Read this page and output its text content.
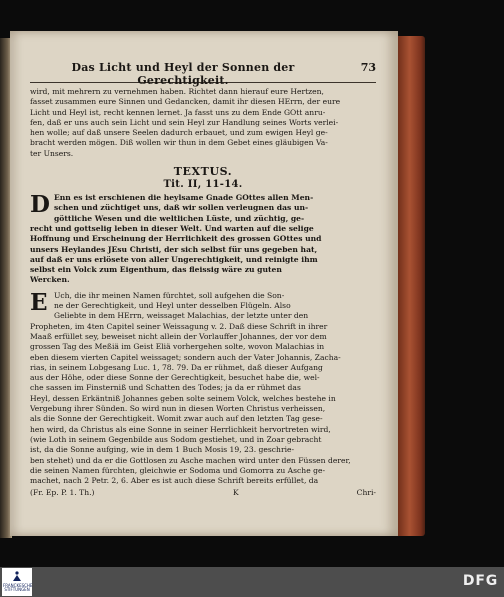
Das Licht und Heyl der Sonnen der Gerechtigkeit.
73
wird, mit mehrern zu vernehmen haben. Richtet dann hierauf eure Hertzen,
fasset zusammen eure Sinnen und Gedancken, damit ihr diesen HErrn, der eure
Licht und Heyl ist, recht kennen lernet. Ja fasst uns zu dem Ende GOtt anru-
fen, daß er uns auch sein Licht und sein Heyl zur Handlung seines Worts verlei-
hen wolle; auf daß unsere Seelen dadurch erbauet, und zum ewigen Heyl ge-
bracht werden mögen. Diß wollen wir thun in dem Gebet eines gläubigen Va-
ter Unsers.
TEXTUS.
Tit. II, 11-14.
D Enn es ist erschienen die heylsame Gnade GOttes allen Men-
schen und züchtiget uns, daß wir sollen verleugnen das un-
göttliche Wesen und die weltlichen Lüste, und züchtig, ge-
recht und gottselig leben in dieser Welt. Und warten auf die selige
Hoffnung und Erscheinung der Herrlichkeit des grossen GOttes und
unsers Heylandes JEsu Christi, der sich selbst für uns gegeben hat,
auf daß er uns erlösete von aller Ungerechtigkeit, und reinigte ihm
selbst ein Volck zum Eigenthum, das fleissig wäre zu guten
Wercken.
E Uch, die ihr meinen Namen fürchtet, soll aufgehen die Son-
ne der Gerechtigkeit, und Heyl unter desselben Flügeln. Also
Geliebte in dem HErrn, weissaget Malachias, der letzte unter den
Propheten, im 4ten Capitel seiner Weissagung v. 2. Daß diese Schrift in ihrer
Maaß erfüllet sey, beweiset nicht allein der Vorlauffer Johannes, der vor dem
grossen Tag des Meßiä im Geist Eliä vorhergehen solte, wovon Malachias in
eben diesem vierten Capitel weissaget; sondern auch der Vater Johannis, Zacha-
rias, in seinem Lobgesang Luc. 1, 78. 79. Da er rühmet, daß dieser Aufgang
aus der Höhe, oder diese Sonne der Gerechtigkeit, besuchet habe die, wel-
che sassen im Finsterniß und Schatten des Todes; ja da er rühmet das
Heyl, dessen Erkäntniß Johannes geben solte seinem Volck, welches bestehe in
Vergebung ihrer Sünden. So wird nun in diesen Worten Christus verheissen,
als die Sonne der Gerechtigkeit. Womit zwar auch auf den letzten Tag gese-
hen wird, da Christus als eine Sonne in seiner Herrlichkeit hervortreten wird,
(wie Loth in seinem Gegenbilde aus Sodom gestiehet, und in Zoar gebracht
ist, da die Sonne aufging, wie in dem 1 Buch Mosis 19, 23. geschrie-
ben stehet) und da er die Gottlosen zu Asche machen wird unter den Füssen derer,
die seinen Namen fürchten, gleichwie er Sodoma und Gomorra zu Asche ge-
machet, nach 2 Petr. 2, 6. Aber es ist auch diese Schrift bereits erfüllet, da
(Fr. Ep. P. 1. Th.)	K	Chri-
FRANCKESCHE STIFTUNGEN
DFG
